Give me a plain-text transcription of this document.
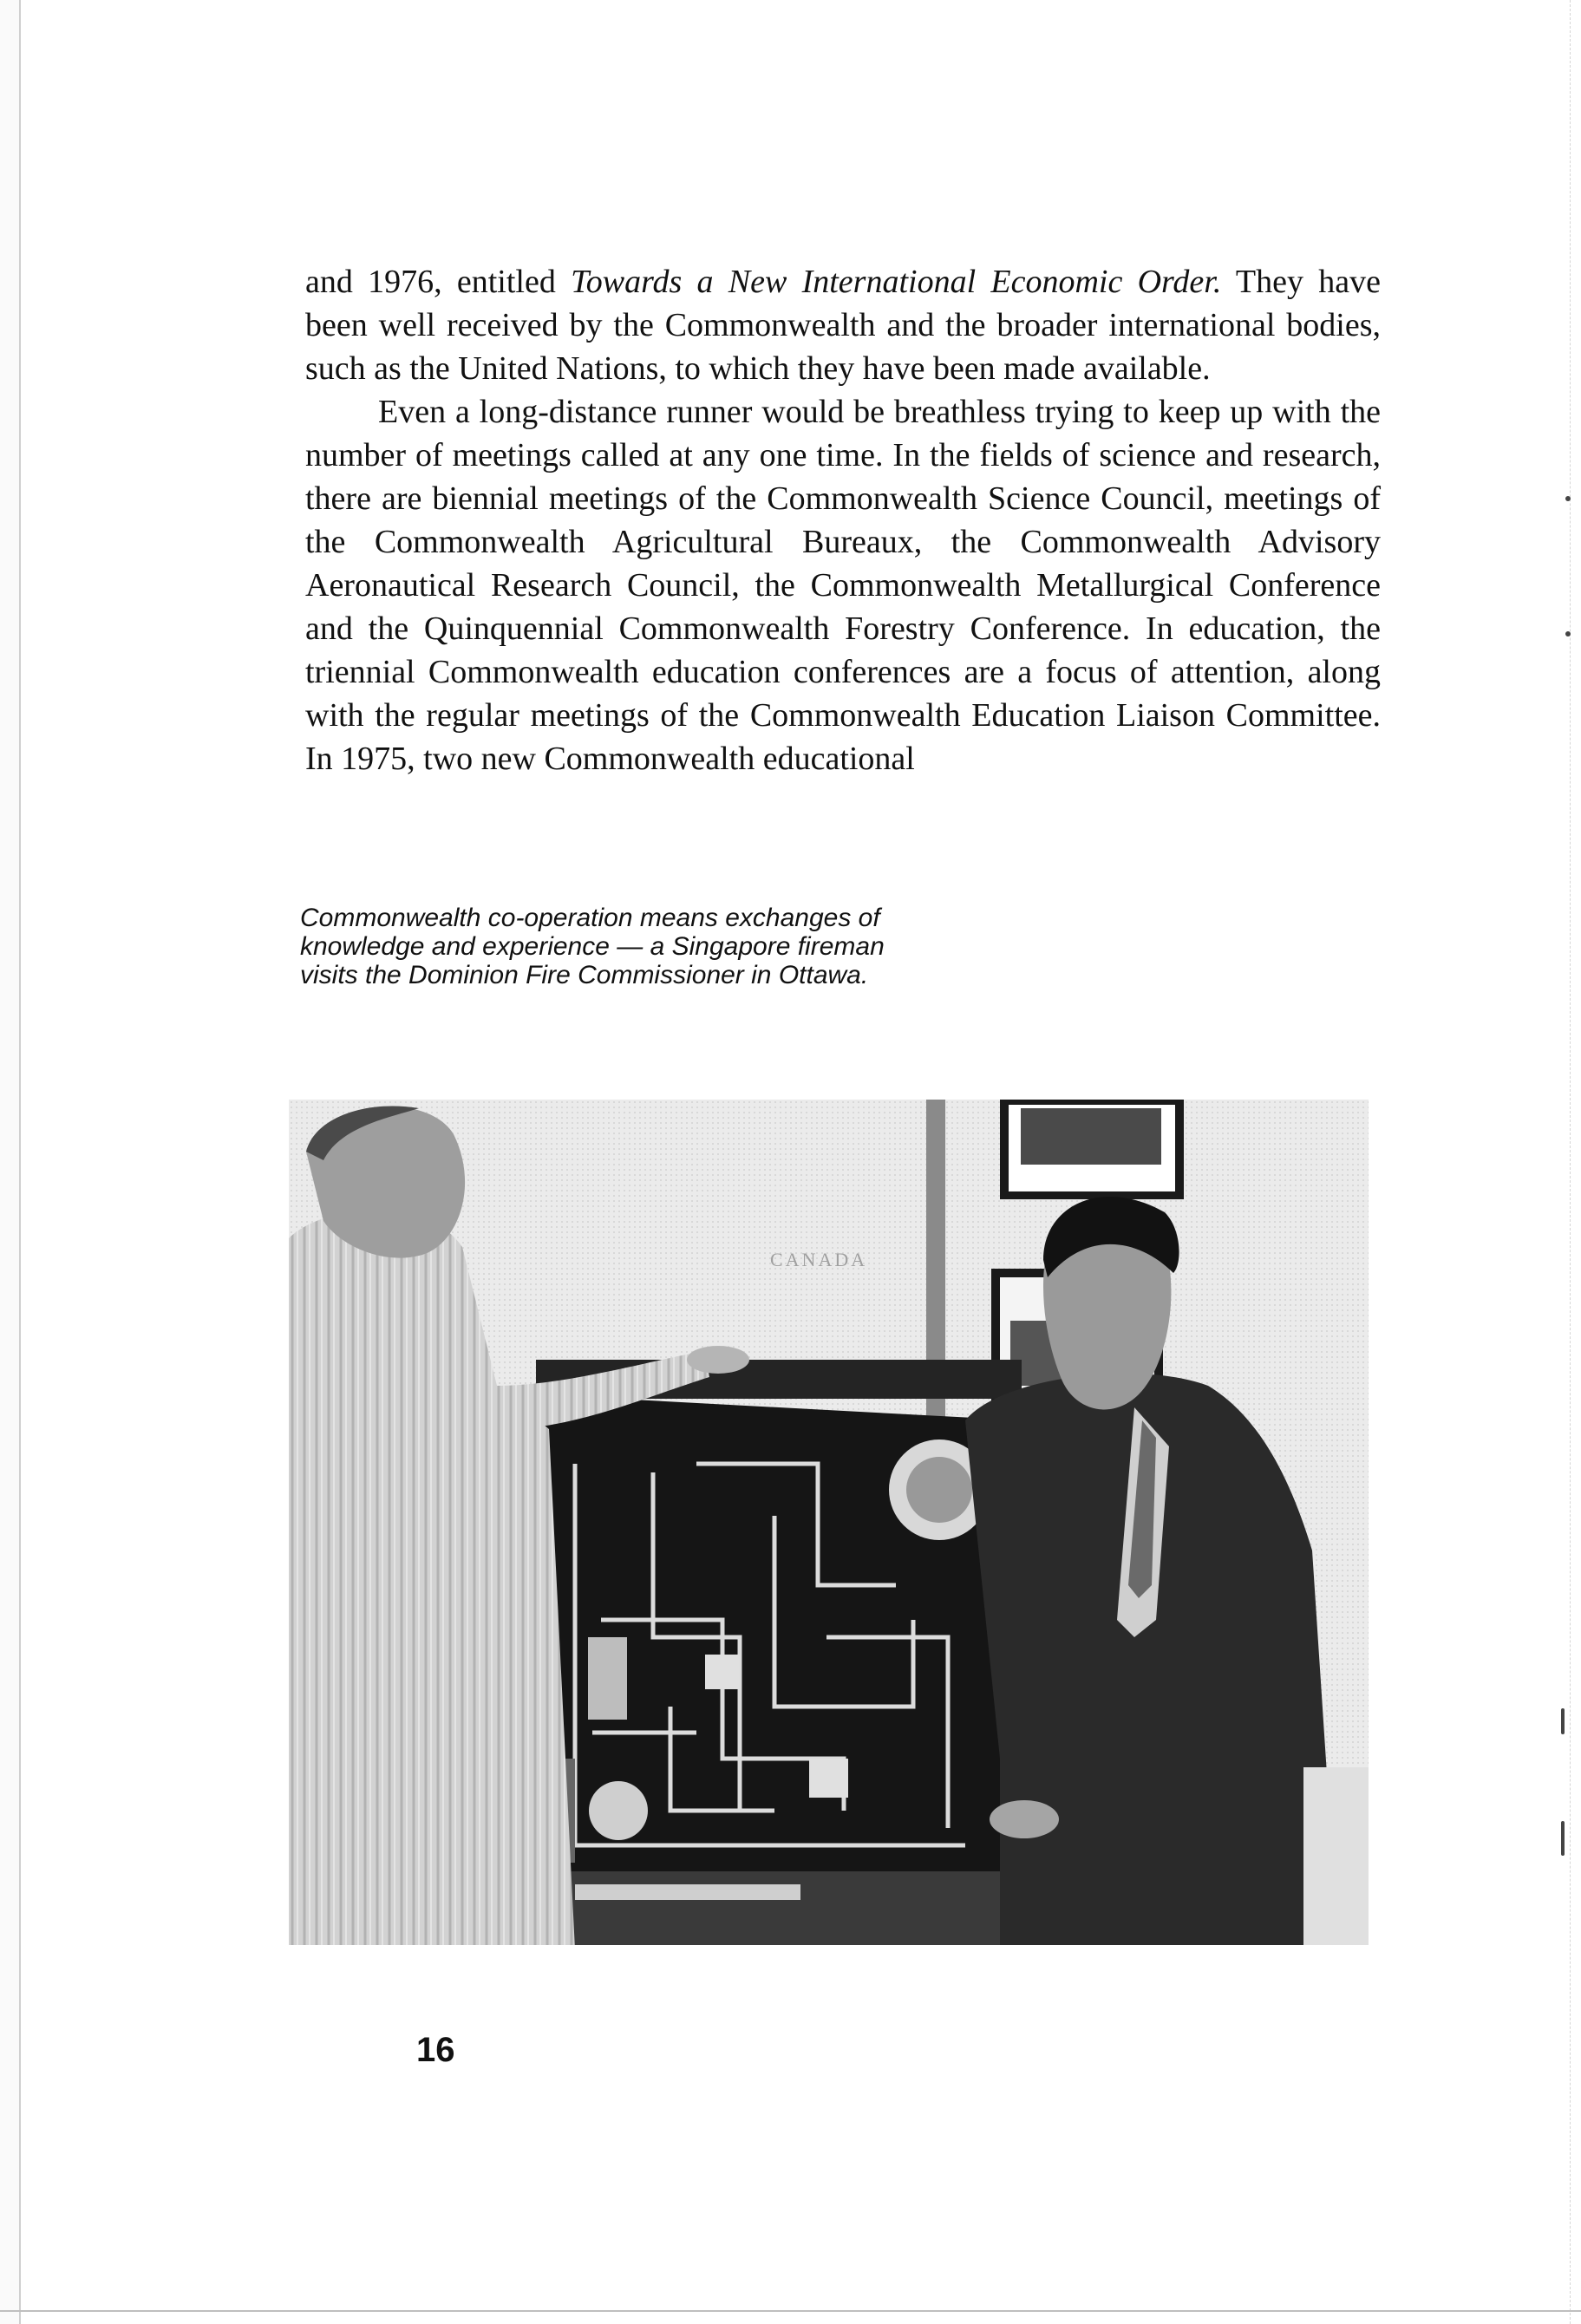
and 1976, entitled Towards a New International Economic Order. They have been well received by the Commonwealth and the broader international bodies, such as the United Nations, to which they have been made available.

Even a long-distance runner would be breathless trying to keep up with the number of meetings called at any one time. In the fields of science and research, there are biennial meetings of the Commonwealth Science Council, meetings of the Commonwealth Agricultural Bureaux, the Commonwealth Advisory Aeronautical Research Council, the Commonwealth Metallurgical Conference and the Quinquennial Commonwealth Forestry Conference. In education, the triennial Commonwealth education conferences are a focus of attention, along with the regular meetings of the Commonwealth Education Liaison Committee. In 1975, two new Commonwealth educational

Commonwealth co-operation means exchanges of
knowledge and experience — a Singapore fireman
visits the Dominion Fire Commissioner in Ottawa.
CANADA
16
